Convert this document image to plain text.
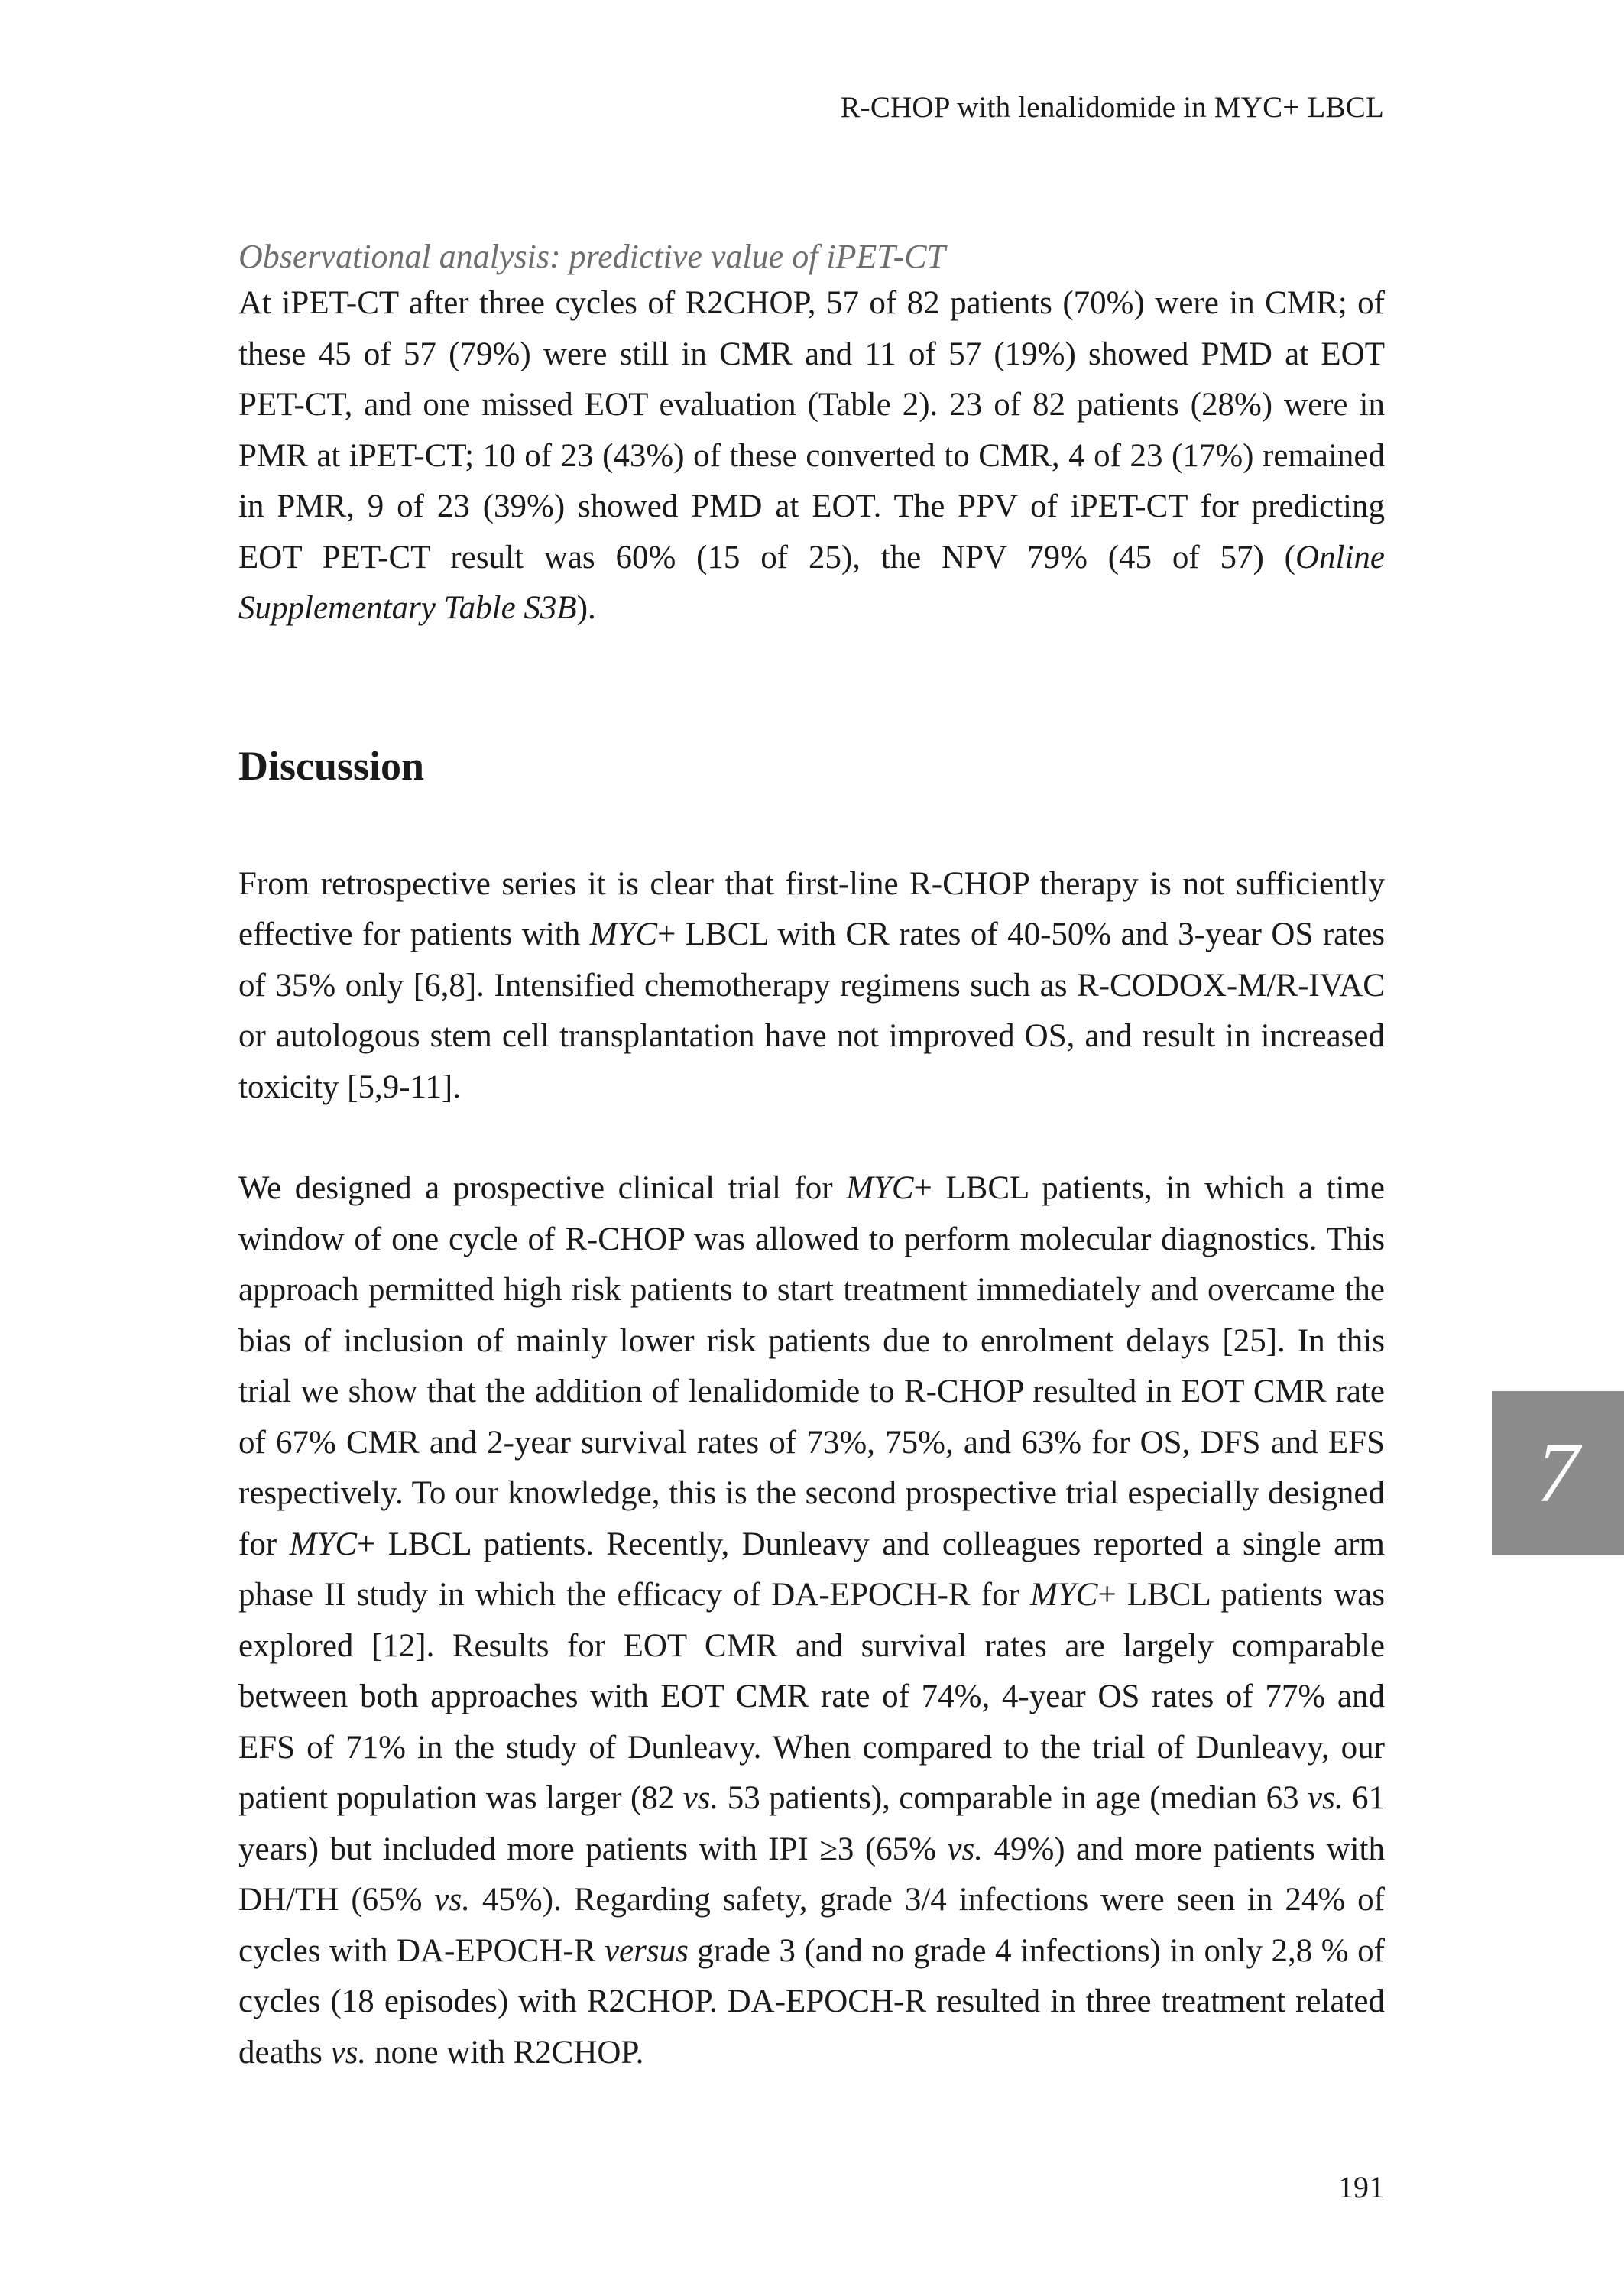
R-CHOP with lenalidomide in MYC+ LBCL
Observational analysis: predictive value of iPET-CT

At iPET-CT after three cycles of R2CHOP, 57 of 82 patients (70%) were in CMR; of these 45 of 57 (79%) were still in CMR and 11 of 57 (19%) showed PMD at EOT PET-CT, and one missed EOT evaluation (Table 2). 23 of 82 patients (28%) were in PMR at iPET-CT; 10 of 23 (43%) of these converted to CMR, 4 of 23 (17%) remained in PMR, 9 of 23 (39%) showed PMD at EOT. The PPV of iPET-CT for predicting EOT PET-CT result was 60% (15 of 25), the NPV 79% (45 of 57) (Online Supplementary Table S3B).

Discussion

From retrospective series it is clear that first-line R-CHOP therapy is not sufficiently effective for patients with MYC+ LBCL with CR rates of 40-50% and 3-year OS rates of 35% only [6,8]. Intensified chemotherapy regimens such as R-CODOX-M/R-IVAC or autologous stem cell transplantation have not improved OS, and result in increased toxicity [5,9-11].

We designed a prospective clinical trial for MYC+ LBCL patients, in which a time window of one cycle of R-CHOP was allowed to perform molecular diagnostics. This approach permitted high risk patients to start treatment immediately and overcame the bias of inclusion of mainly lower risk patients due to enrolment delays [25]. In this trial we show that the addition of lenalidomide to R-CHOP resulted in EOT CMR rate of 67% CMR and 2-year survival rates of 73%, 75%, and 63% for OS, DFS and EFS respectively. To our knowledge, this is the second prospective trial especially designed for MYC+ LBCL patients. Recently, Dunleavy and colleagues reported a single arm phase II study in which the efficacy of DA-EPOCH-R for MYC+ LBCL patients was explored [12]. Results for EOT CMR and survival rates are largely comparable between both approaches with EOT CMR rate of 74%, 4-year OS rates of 77% and EFS of 71% in the study of Dunleavy. When compared to the trial of Dunleavy, our patient population was larger (82 vs. 53 patients), comparable in age (median 63 vs. 61 years) but included more patients with IPI ≥3 (65% vs. 49%) and more patients with DH/TH (65% vs. 45%). Regarding safety, grade 3/4 infections were seen in 24% of cycles with DA-EPOCH-R versus grade 3 (and no grade 4 infections) in only 2,8 % of cycles (18 episodes) with R2CHOP. DA-EPOCH-R resulted in three treatment related deaths vs. none with R2CHOP.

7
191
